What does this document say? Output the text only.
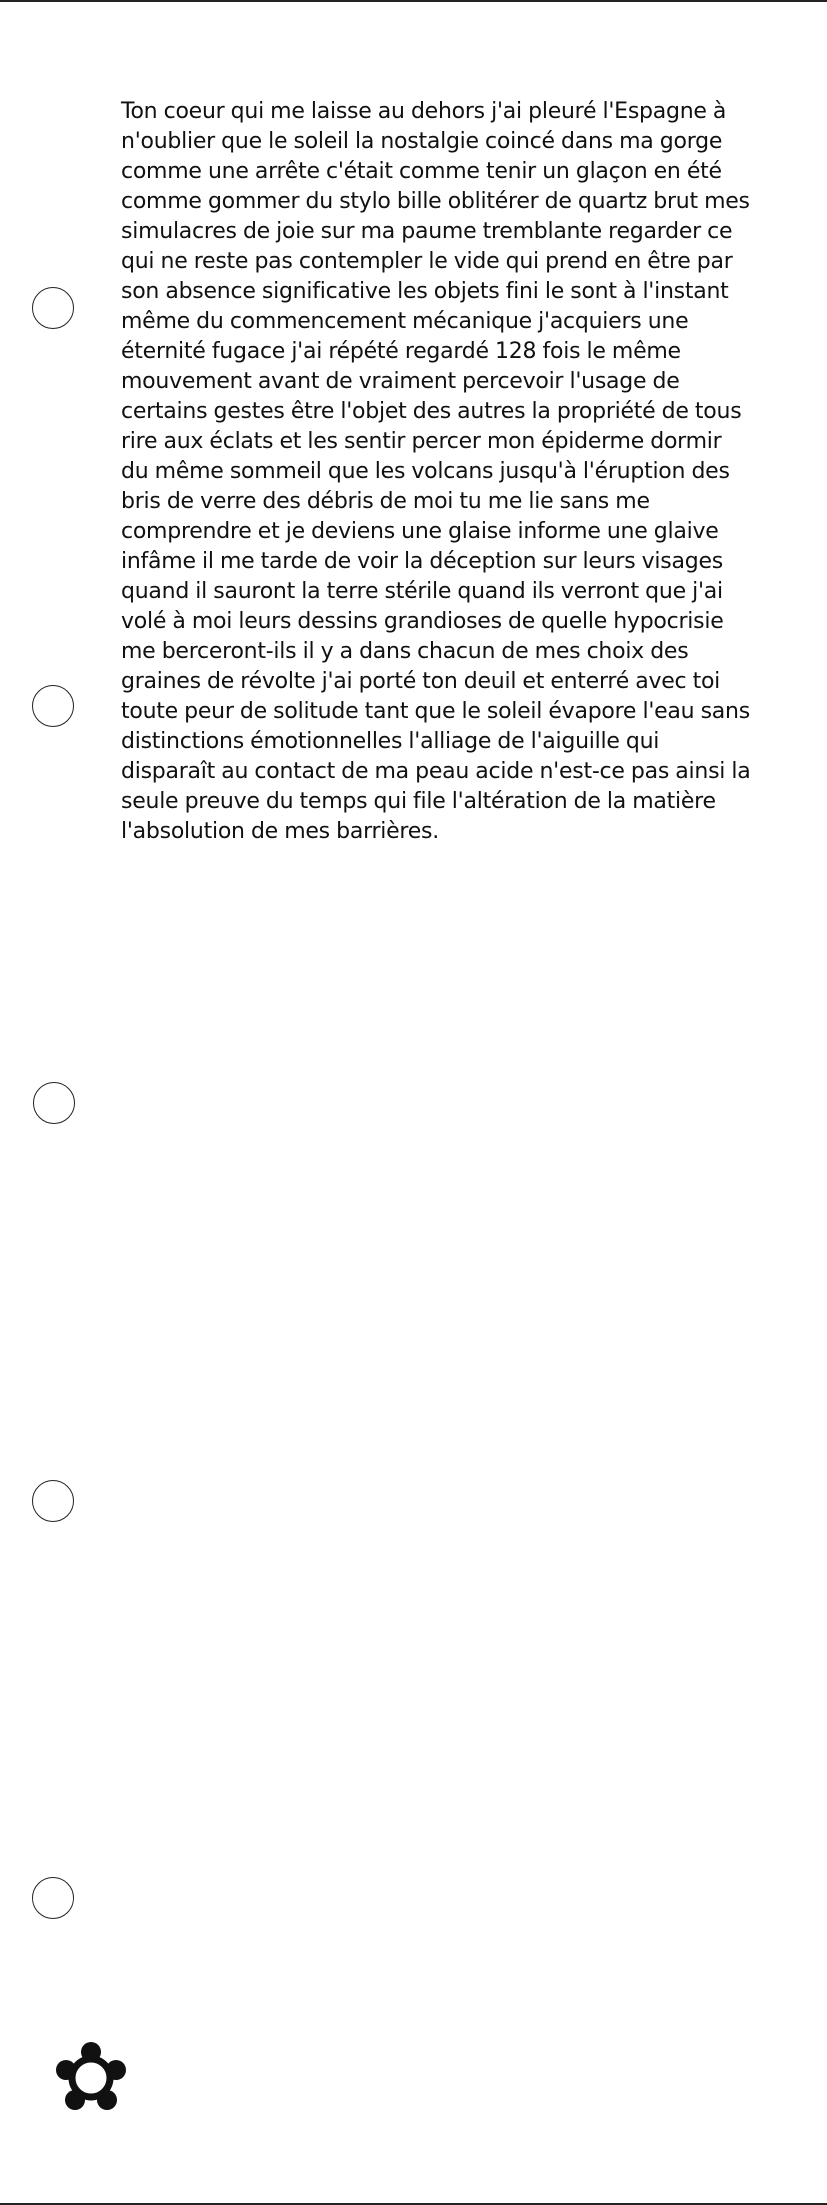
Ton coeur qui me laisse au dehors j'ai pleuré l'Espagne à n'oublier que le soleil la nostalgie coincé dans ma gorge comme une arrête c'était comme tenir un glaçon en été comme gommer du stylo bille oblitérer de quartz brut mes simulacres de joie sur ma paume tremblante regarder ce qui ne reste pas contempler le vide qui prend en être par son absence significative les objets fini le sont à l'instant même du commencement mécanique j'acquiers une éternité fugace j'ai répété regardé 128 fois le même mouvement avant de vraiment percevoir l'usage de certains gestes être l'objet des autres la propriété de tous rire aux éclats et les sentir percer mon épiderme dormir du même sommeil que les volcans jusqu'à l'éruption des bris de verre des débris de moi tu me lie sans me comprendre et je deviens une glaise informe une glaive infâme il me tarde de voir la déception sur leurs visages quand il sauront la terre stérile quand ils verront que j'ai volé à moi leurs dessins grandioses de quelle hypocrisie me berceront-ils il y a dans chacun de mes choix des graines de révolte j'ai porté ton deuil et enterré avec toi toute peur de solitude tant que le soleil évapore l'eau sans distinctions émotionnelles l'alliage de l'aiguille qui disparaît au contact de ma peau acide n'est-ce pas ainsi la seule preuve du temps qui file l'altération de la matière l'absolution de mes barrières.
